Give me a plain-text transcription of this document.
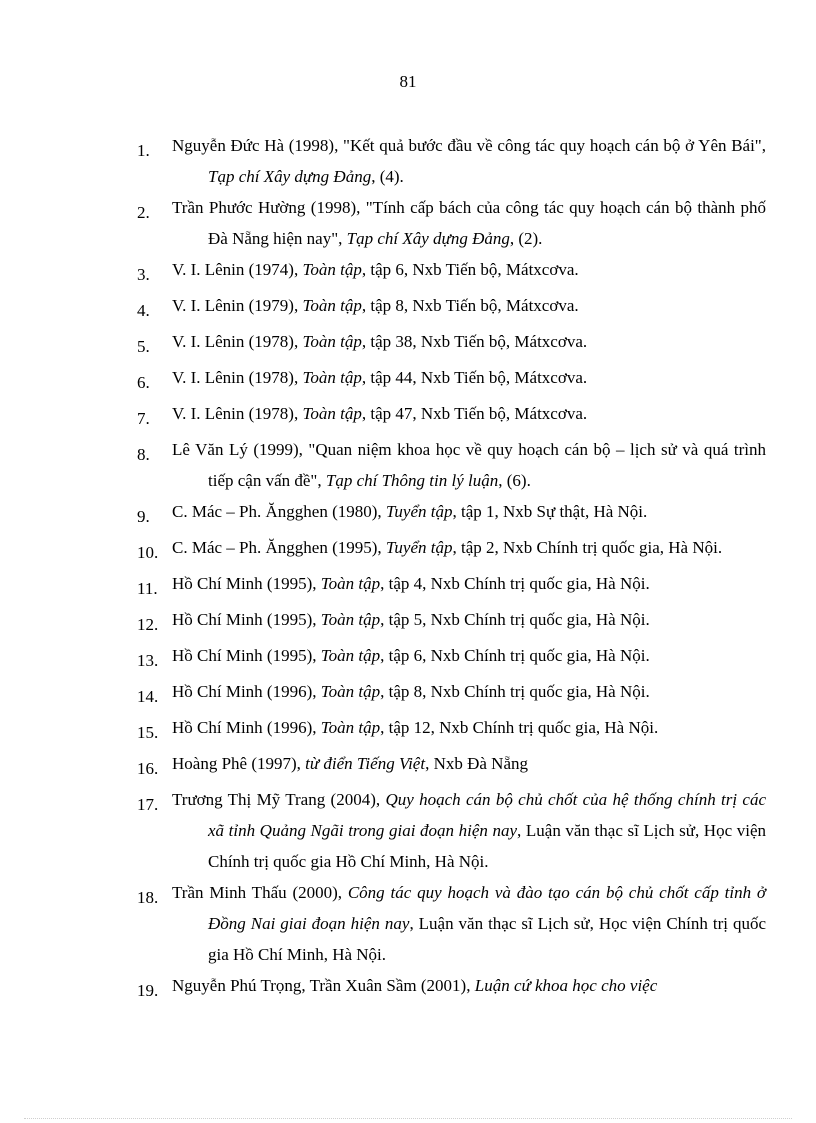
81
1.	Nguyễn Đức Hà (1998), "Kết quả bước đầu về công tác quy hoạch cán bộ ở Yên Bái", Tạp chí Xây dựng Đảng, (4).
2.	Trần Phước Hường (1998), "Tính cấp bách của công tác quy hoạch cán bộ thành phố Đà Nẵng hiện nay", Tạp chí Xây dựng Đảng, (2).
3.	V. I. Lênin (1974), Toàn tập, tập 6, Nxb Tiến bộ, Mátxcơva.
4.	V. I. Lênin (1979), Toàn tập, tập 8, Nxb Tiến bộ, Mátxcơva.
5.	V. I. Lênin (1978), Toàn tập, tập 38, Nxb Tiến bộ, Mátxcơva.
6.	V. I. Lênin (1978), Toàn tập, tập 44, Nxb Tiến bộ, Mátxcơva.
7.	V. I. Lênin (1978), Toàn tập, tập 47, Nxb Tiến bộ, Mátxcơva.
8.	Lê Văn Lý (1999), "Quan niệm khoa học về quy hoạch cán bộ – lịch sử và quá trình tiếp cận vấn đề", Tạp chí Thông tin lý luận, (6).
9.	C. Mác – Ph. Ăngghen (1980), Tuyển tập, tập 1, Nxb Sự thật, Hà Nội.
10. C. Mác – Ph. Ăngghen (1995), Tuyển tập, tập 2, Nxb Chính trị quốc gia, Hà Nội.
11. Hồ Chí Minh (1995), Toàn tập, tập 4, Nxb Chính trị quốc gia, Hà Nội.
12. Hồ Chí Minh (1995), Toàn tập, tập 5, Nxb Chính trị quốc gia, Hà Nội.
13. Hồ Chí Minh (1995), Toàn tập, tập 6, Nxb Chính trị quốc gia, Hà Nội.
14. Hồ Chí Minh (1996), Toàn tập, tập 8, Nxb Chính trị quốc gia, Hà Nội.
15. Hồ Chí Minh (1996), Toàn tập, tập 12, Nxb Chính trị quốc gia, Hà Nội.
16. Hoàng Phê (1997), từ điển Tiếng Việt, Nxb Đà Nẵng
17. Trương Thị Mỹ Trang (2004), Quy hoạch cán bộ chủ chốt của hệ thống chính trị các xã tỉnh Quảng Ngãi trong giai đoạn hiện nay, Luận văn thạc sĩ Lịch sử, Học viện Chính trị quốc gia Hồ Chí Minh, Hà Nội.
18. Trần Minh Thấu (2000), Công tác quy hoạch và đào tạo cán bộ chủ chốt cấp tỉnh ở Đồng Nai giai đoạn hiện nay, Luận văn thạc sĩ Lịch sử, Học viện Chính trị quốc gia Hồ Chí Minh, Hà Nội.
19. Nguyễn Phú Trọng, Trần Xuân Sầm (2001), Luận cứ khoa học cho việc
